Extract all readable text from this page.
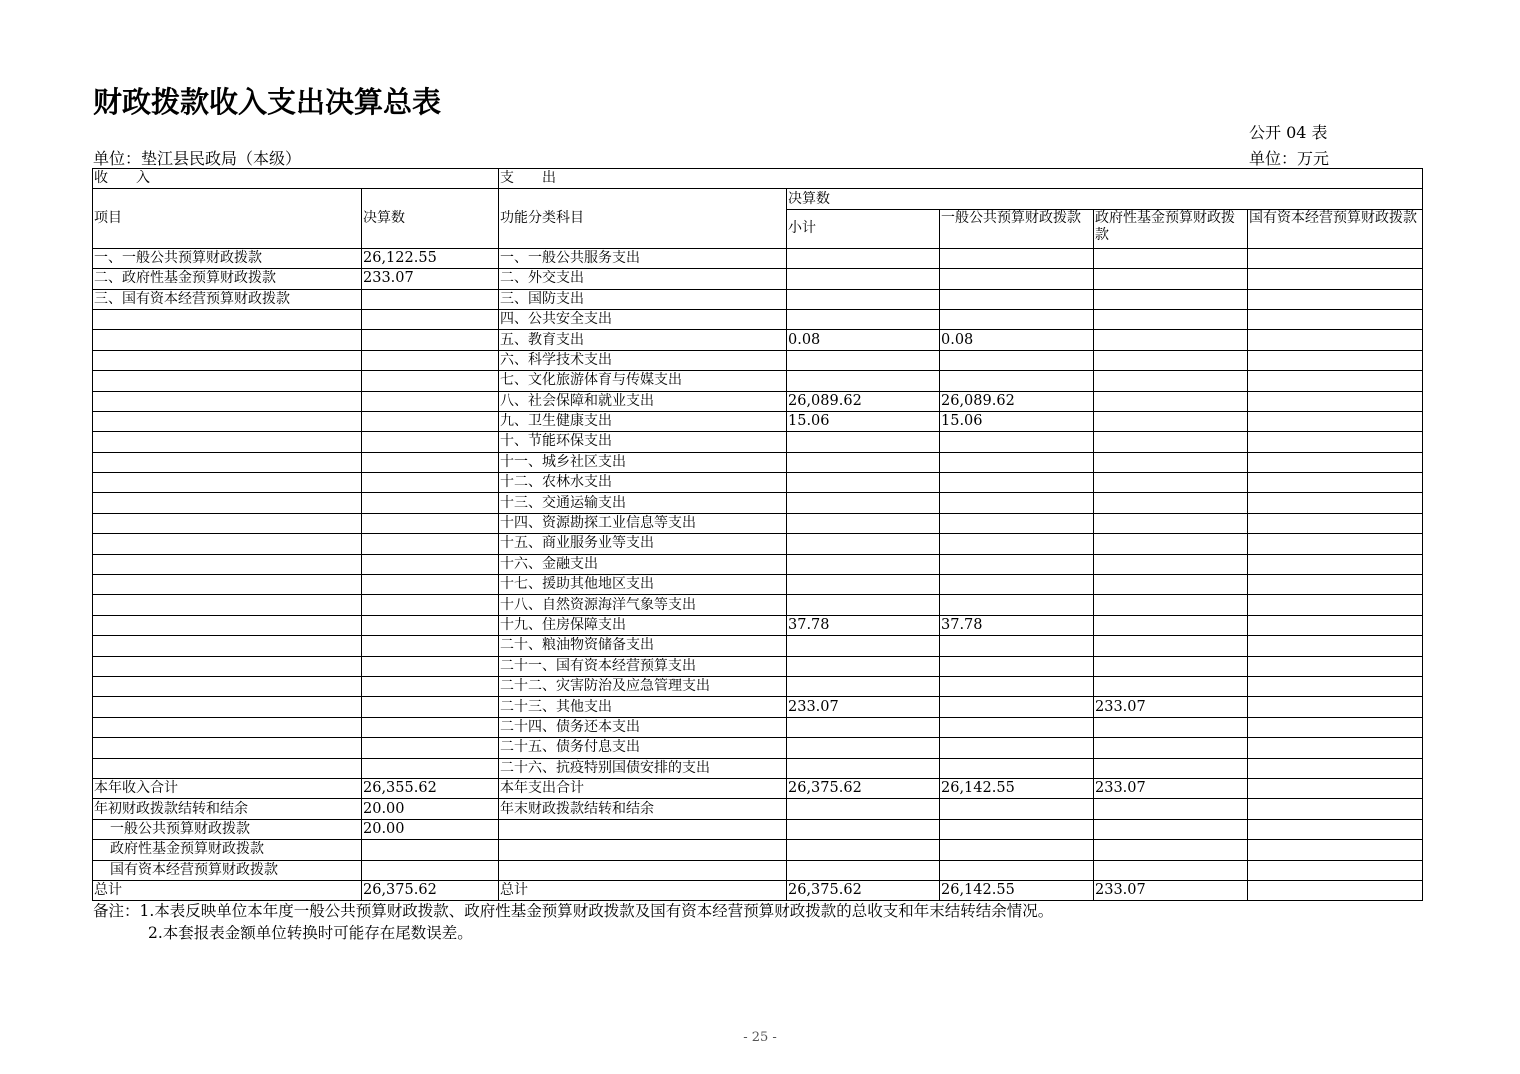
财政拨款收入支出决算总表
公开 04 表
单位：垫江县民政局（本级）	单位：万元
收　　入		支　　出				
项目	决算数	功能分类科目	决算数			
			小计	一般公共预算财政拨款	政府性基金预算财政拨款	国有资本经营预算财政拨款
一、一般公共预算财政拨款	26,122.55	一、一般公共服务支出				
二、政府性基金预算财政拨款	233.07	二、外交支出				
三、国有资本经营预算财政拨款		三、国防支出				
		四、公共安全支出				
		五、教育支出	0.08	0.08		
		六、科学技术支出				
		七、文化旅游体育与传媒支出				
		八、社会保障和就业支出	26,089.62	26,089.62		
		九、卫生健康支出	15.06	15.06		
		十、节能环保支出				
		十一、城乡社区支出				
		十二、农林水支出				
		十三、交通运输支出				
		十四、资源勘探工业信息等支出				
		十五、商业服务业等支出				
		十六、金融支出				
		十七、援助其他地区支出				
		十八、自然资源海洋气象等支出				
		十九、住房保障支出	37.78	37.78		
		二十、粮油物资储备支出				
		二十一、国有资本经营预算支出				
		二十二、灾害防治及应急管理支出				
		二十三、其他支出	233.07		233.07	
		二十四、债务还本支出				
		二十五、债务付息支出				
		二十六、抗疫特别国债安排的支出				
本年收入合计	26,355.62	本年支出合计	26,375.62	26,142.55	233.07	
年初财政拨款结转和结余	20.00	年末财政拨款结转和结余				
一般公共预算财政拨款	20.00					
政府性基金预算财政拨款						
国有资本经营预算财政拨款						
总计	26,375.62	总计	26,375.62	26,142.55	233.07	
备注：1.本表反映单位本年度一般公共预算财政拨款、政府性基金预算财政拨款及国有资本经营预算财政拨款的总收支和年末结转结余情况。
2.本套报表金额单位转换时可能存在尾数误差。
- 25 -
